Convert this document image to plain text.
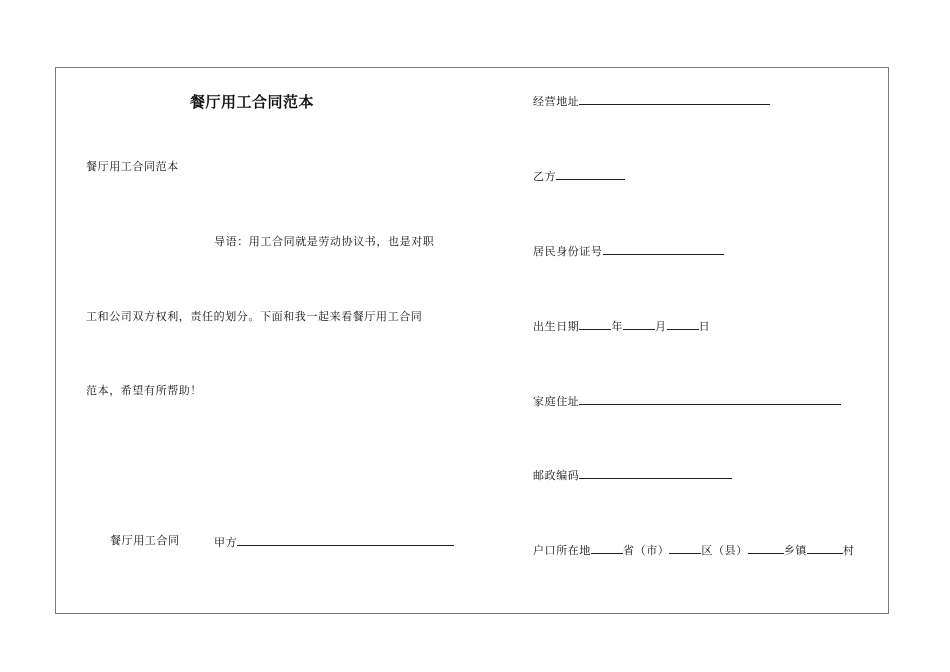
餐厅用工合同范本
餐厅用工合同范本
导语：用工合同就是劳动协议书，也是对职
工和公司双方权利，责任的划分。下面和我一起来看餐厅用工合同
范本，希望有所帮助！
餐厅用工合同	甲方
经营地址
乙方
居民身份证号
出生日期	年	月	日
家庭住址
邮政编码
户口所在地	省（市）	区（县）	乡镇	村
